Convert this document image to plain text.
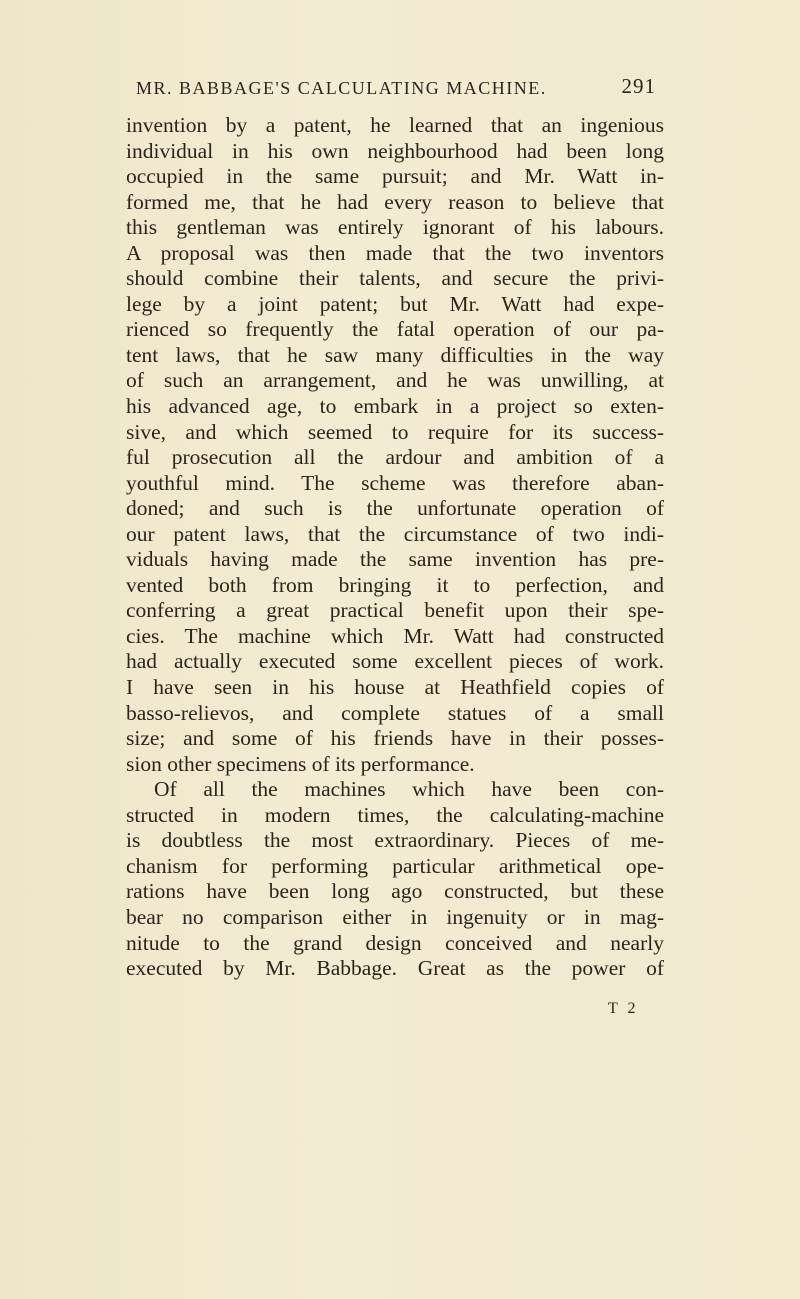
MR. BABBAGE'S CALCULATING MACHINE.	291
invention by a patent, he learned that an ingenious
individual in his own neighbourhood had been long
occupied in the same pursuit; and Mr. Watt in-
formed me, that he had every reason to believe that
this gentleman was entirely ignorant of his labours.
A proposal was then made that the two inventors
should combine their talents, and secure the privi-
lege by a joint patent; but Mr. Watt had expe-
rienced so frequently the fatal operation of our pa-
tent laws, that he saw many difficulties in the way
of such an arrangement, and he was unwilling, at
his advanced age, to embark in a project so exten-
sive, and which seemed to require for its success-
ful prosecution all the ardour and ambition of a
youthful mind. The scheme was therefore aban-
doned; and such is the unfortunate operation of
our patent laws, that the circumstance of two indi-
viduals having made the same invention has pre-
vented both from bringing it to perfection, and
conferring a great practical benefit upon their spe-
cies. The machine which Mr. Watt had constructed
had actually executed some excellent pieces of work.
I have seen in his house at Heathfield copies of
basso-relievos, and complete statues of a small
size; and some of his friends have in their posses-
sion other specimens of its performance.
Of all the machines which have been con-
structed in modern times, the calculating-machine
is doubtless the most extraordinary. Pieces of me-
chanism for performing particular arithmetical ope-
rations have been long ago constructed, but these
bear no comparison either in ingenuity or in mag-
nitude to the grand design conceived and nearly
executed by Mr. Babbage. Great as the power of
T 2
